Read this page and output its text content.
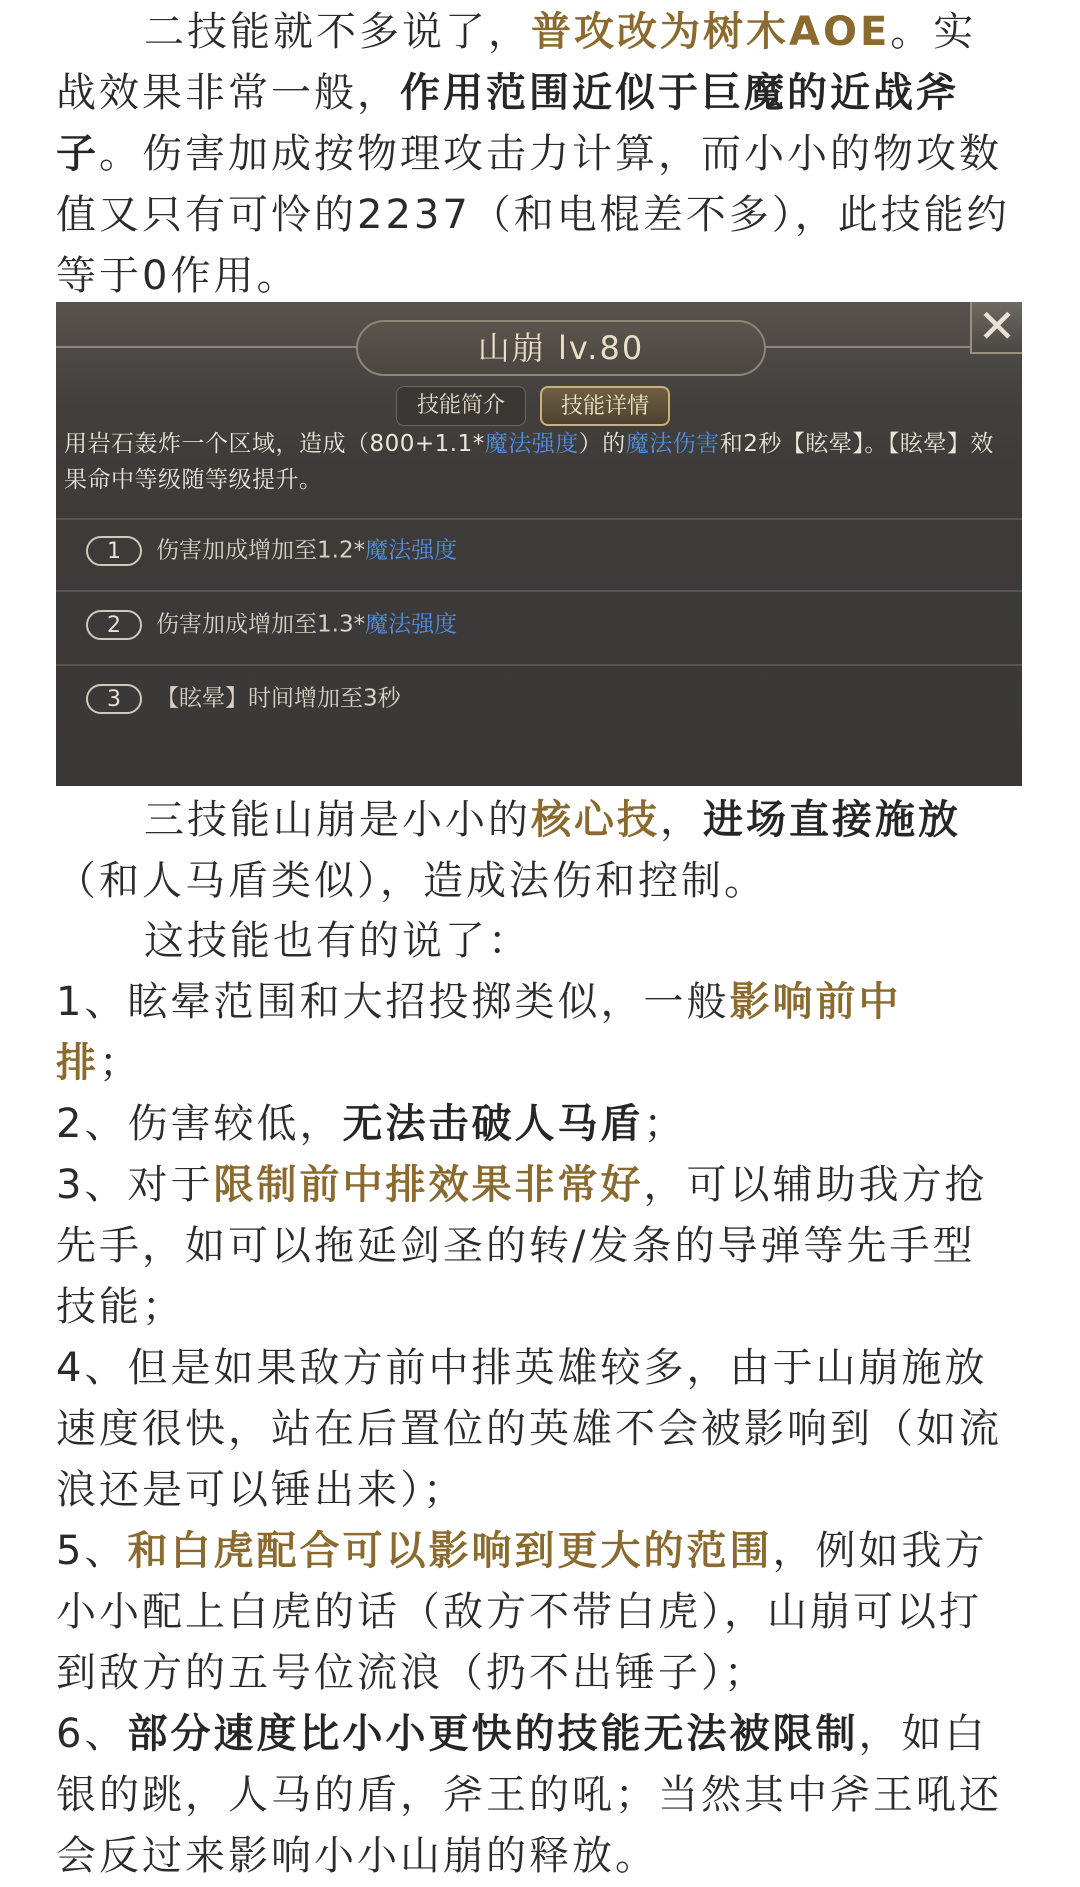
二技能就不多说了，普攻改为树木AOE。实战效果非常一般，作用范围近似于巨魔的近战斧子。伤害加成按物理攻击力计算，而小小的物攻数值又只有可怜的2237（和电棍差不多），此技能约等于0作用。

山崩 lv.80	✕
技能简介	技能详情
用岩石轰炸一个区域，造成（800+1.1*魔法强度）的魔法伤害和2秒【眩晕】。【眩晕】效果命中等级随等级提升。
1 伤害加成增加至1.2*魔法强度
2 伤害加成增加至1.3*魔法强度
3 【眩晕】时间增加至3秒

三技能山崩是小小的核心技，进场直接施放（和人马盾类似），造成法伤和控制。

这技能也有的说了：

1、眩晕范围和大招投掷类似，一般影响前中排；

2、伤害较低，无法击破人马盾；

3、对于限制前中排效果非常好，可以辅助我方抢先手，如可以拖延剑圣的转/发条的导弹等先手型技能；

4、但是如果敌方前中排英雄较多，由于山崩施放速度很快，站在后置位的英雄不会被影响到（如流浪还是可以锤出来）；

5、和白虎配合可以影响到更大的范围，例如我方小小配上白虎的话（敌方不带白虎），山崩可以打到敌方的五号位流浪（扔不出锤子）；

6、部分速度比小小更快的技能无法被限制，如白银的跳，人马的盾，斧王的吼；当然其中斧王吼还会反过来影响小小山崩的释放。
